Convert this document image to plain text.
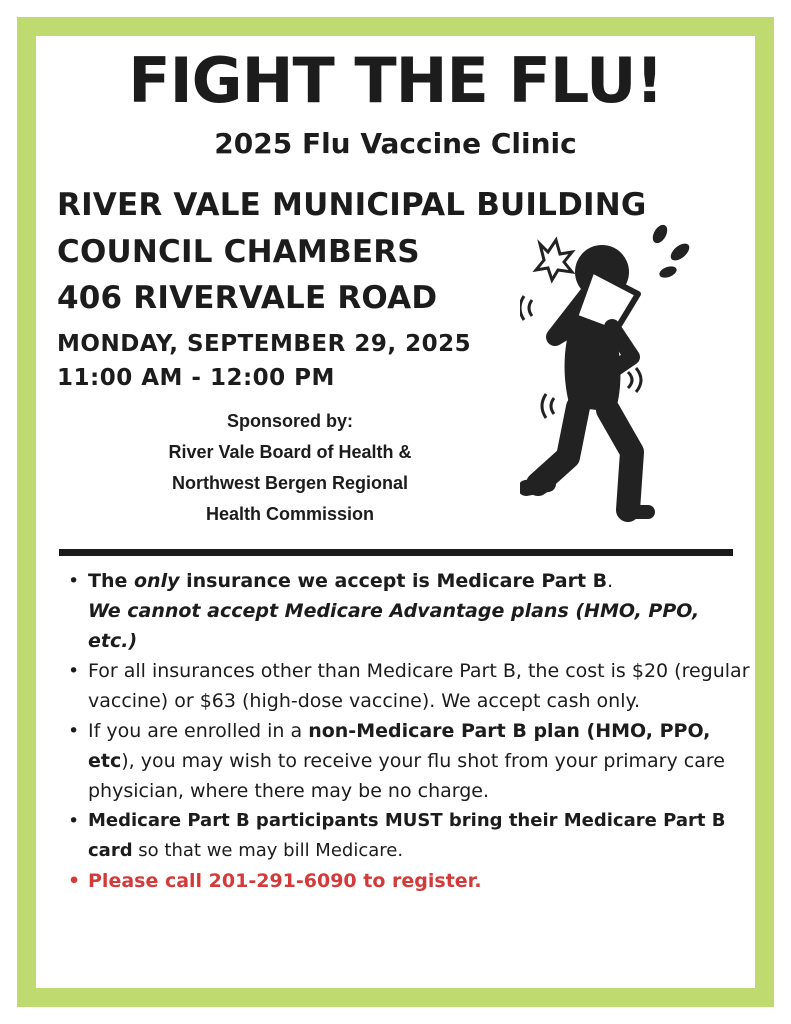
FIGHT THE FLU!
2025 Flu Vaccine Clinic
RIVER VALE MUNICIPAL BUILDING
COUNCIL CHAMBERS
406 RIVERVALE ROAD
MONDAY, SEPTEMBER 29, 2025
11:00 AM - 12:00 PM
Sponsored by:
River Vale Board of Health &
Northwest Bergen Regional
Health Commission
• The only insurance we accept is Medicare Part B.
We cannot accept Medicare Advantage plans (HMO, PPO, etc.)
• For all insurances other than Medicare Part B, the cost is $20 (regular vaccine) or $63 (high-dose vaccine). We accept cash only.
• If you are enrolled in a non-Medicare Part B plan (HMO, PPO, etc), you may wish to receive your flu shot from your primary care physician, where there may be no charge.
• Medicare Part B participants MUST bring their Medicare Part B card so that we may bill Medicare.
• Please call 201-291-6090 to register.
